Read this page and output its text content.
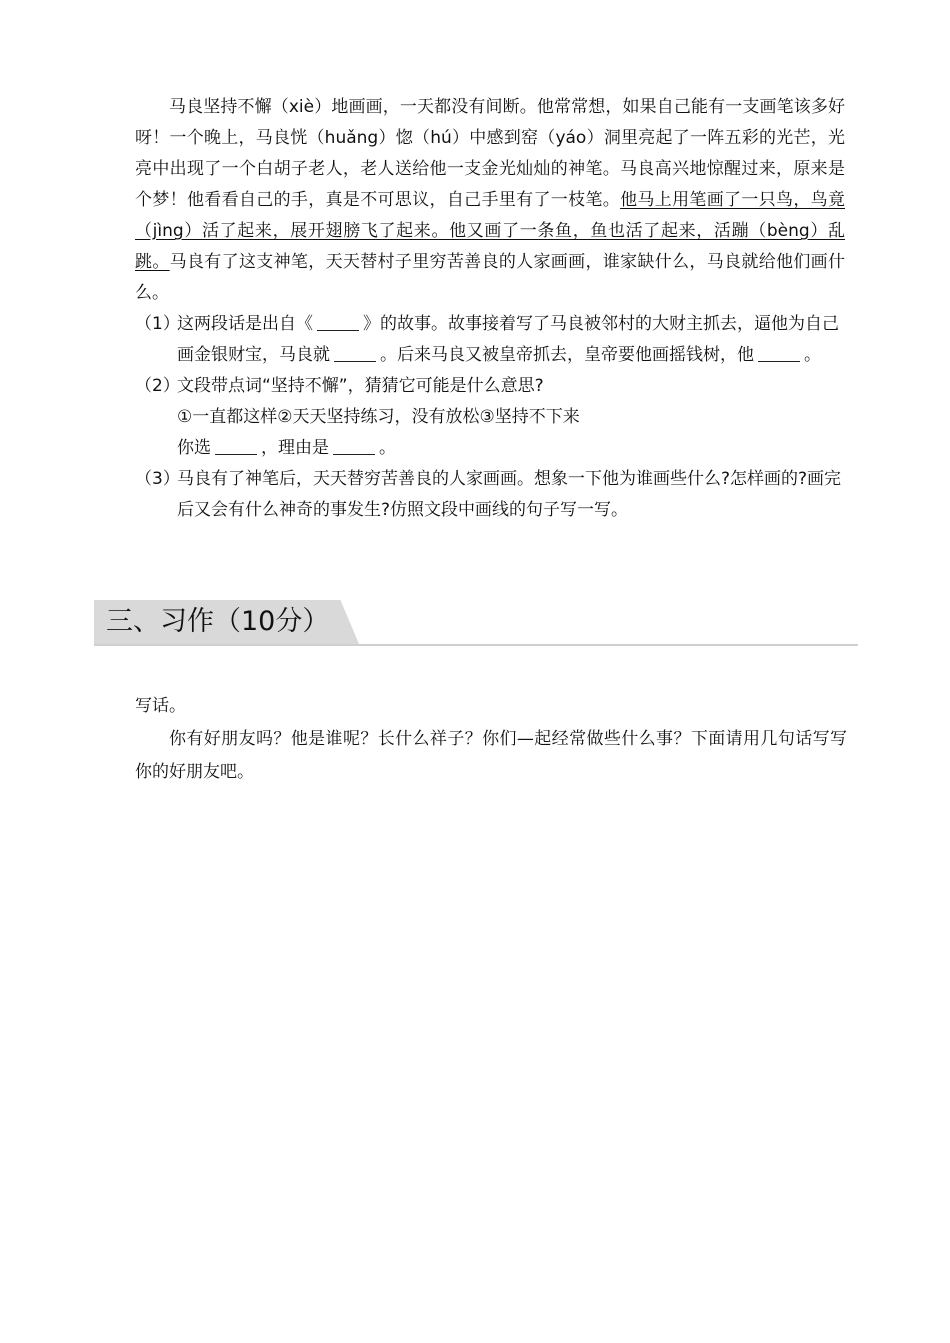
马良坚持不懈（xiè）地画画，一天都没有间断。他常常想，如果自己能有一支画笔该多好呀！一个晚上，马良恍（huǎng）惚（hú）中感到窑（yáo）洞里亮起了一阵五彩的光芒，光亮中出现了一个白胡子老人，老人送给他一支金光灿灿的神笔。马良高兴地惊醒过来，原来是个梦！他看看自己的手，真是不可思议，自己手里有了一枝笔。他马上用笔画了一只鸟，鸟竟（jìng）活了起来，展开翅膀飞了起来。他又画了一条鱼，鱼也活了起来，活蹦（bèng）乱跳。马良有了这支神笔，天天替村子里穷苦善良的人家画画，谁家缺什么，马良就给他们画什么。

（1）
这两段话是出自《	》的故事。故事接着写了马良被邻村的大财主抓去，逼他为自己画金银财宝，马良就	。后来马良又被皇帝抓去，皇帝要他画摇钱树，他	。
（2）
文段带点词“坚持不懈”，猜猜它可能是什么意思?
①一直都这样②天天坚持练习，没有放松③坚持不下来
你选	，理由是	。
（3）
马良有了神笔后，天天替穷苦善良的人家画画。想象一下他为谁画些什么?怎样画的?画完后又会有什么神奇的事发生?仿照文段中画线的句子写一写。
三、习作（10分）

写话。

你有好朋友吗？他是谁呢？长什么祥子？你们—起经常做些什么事？下面请用几句话写写你的好朋友吧。
